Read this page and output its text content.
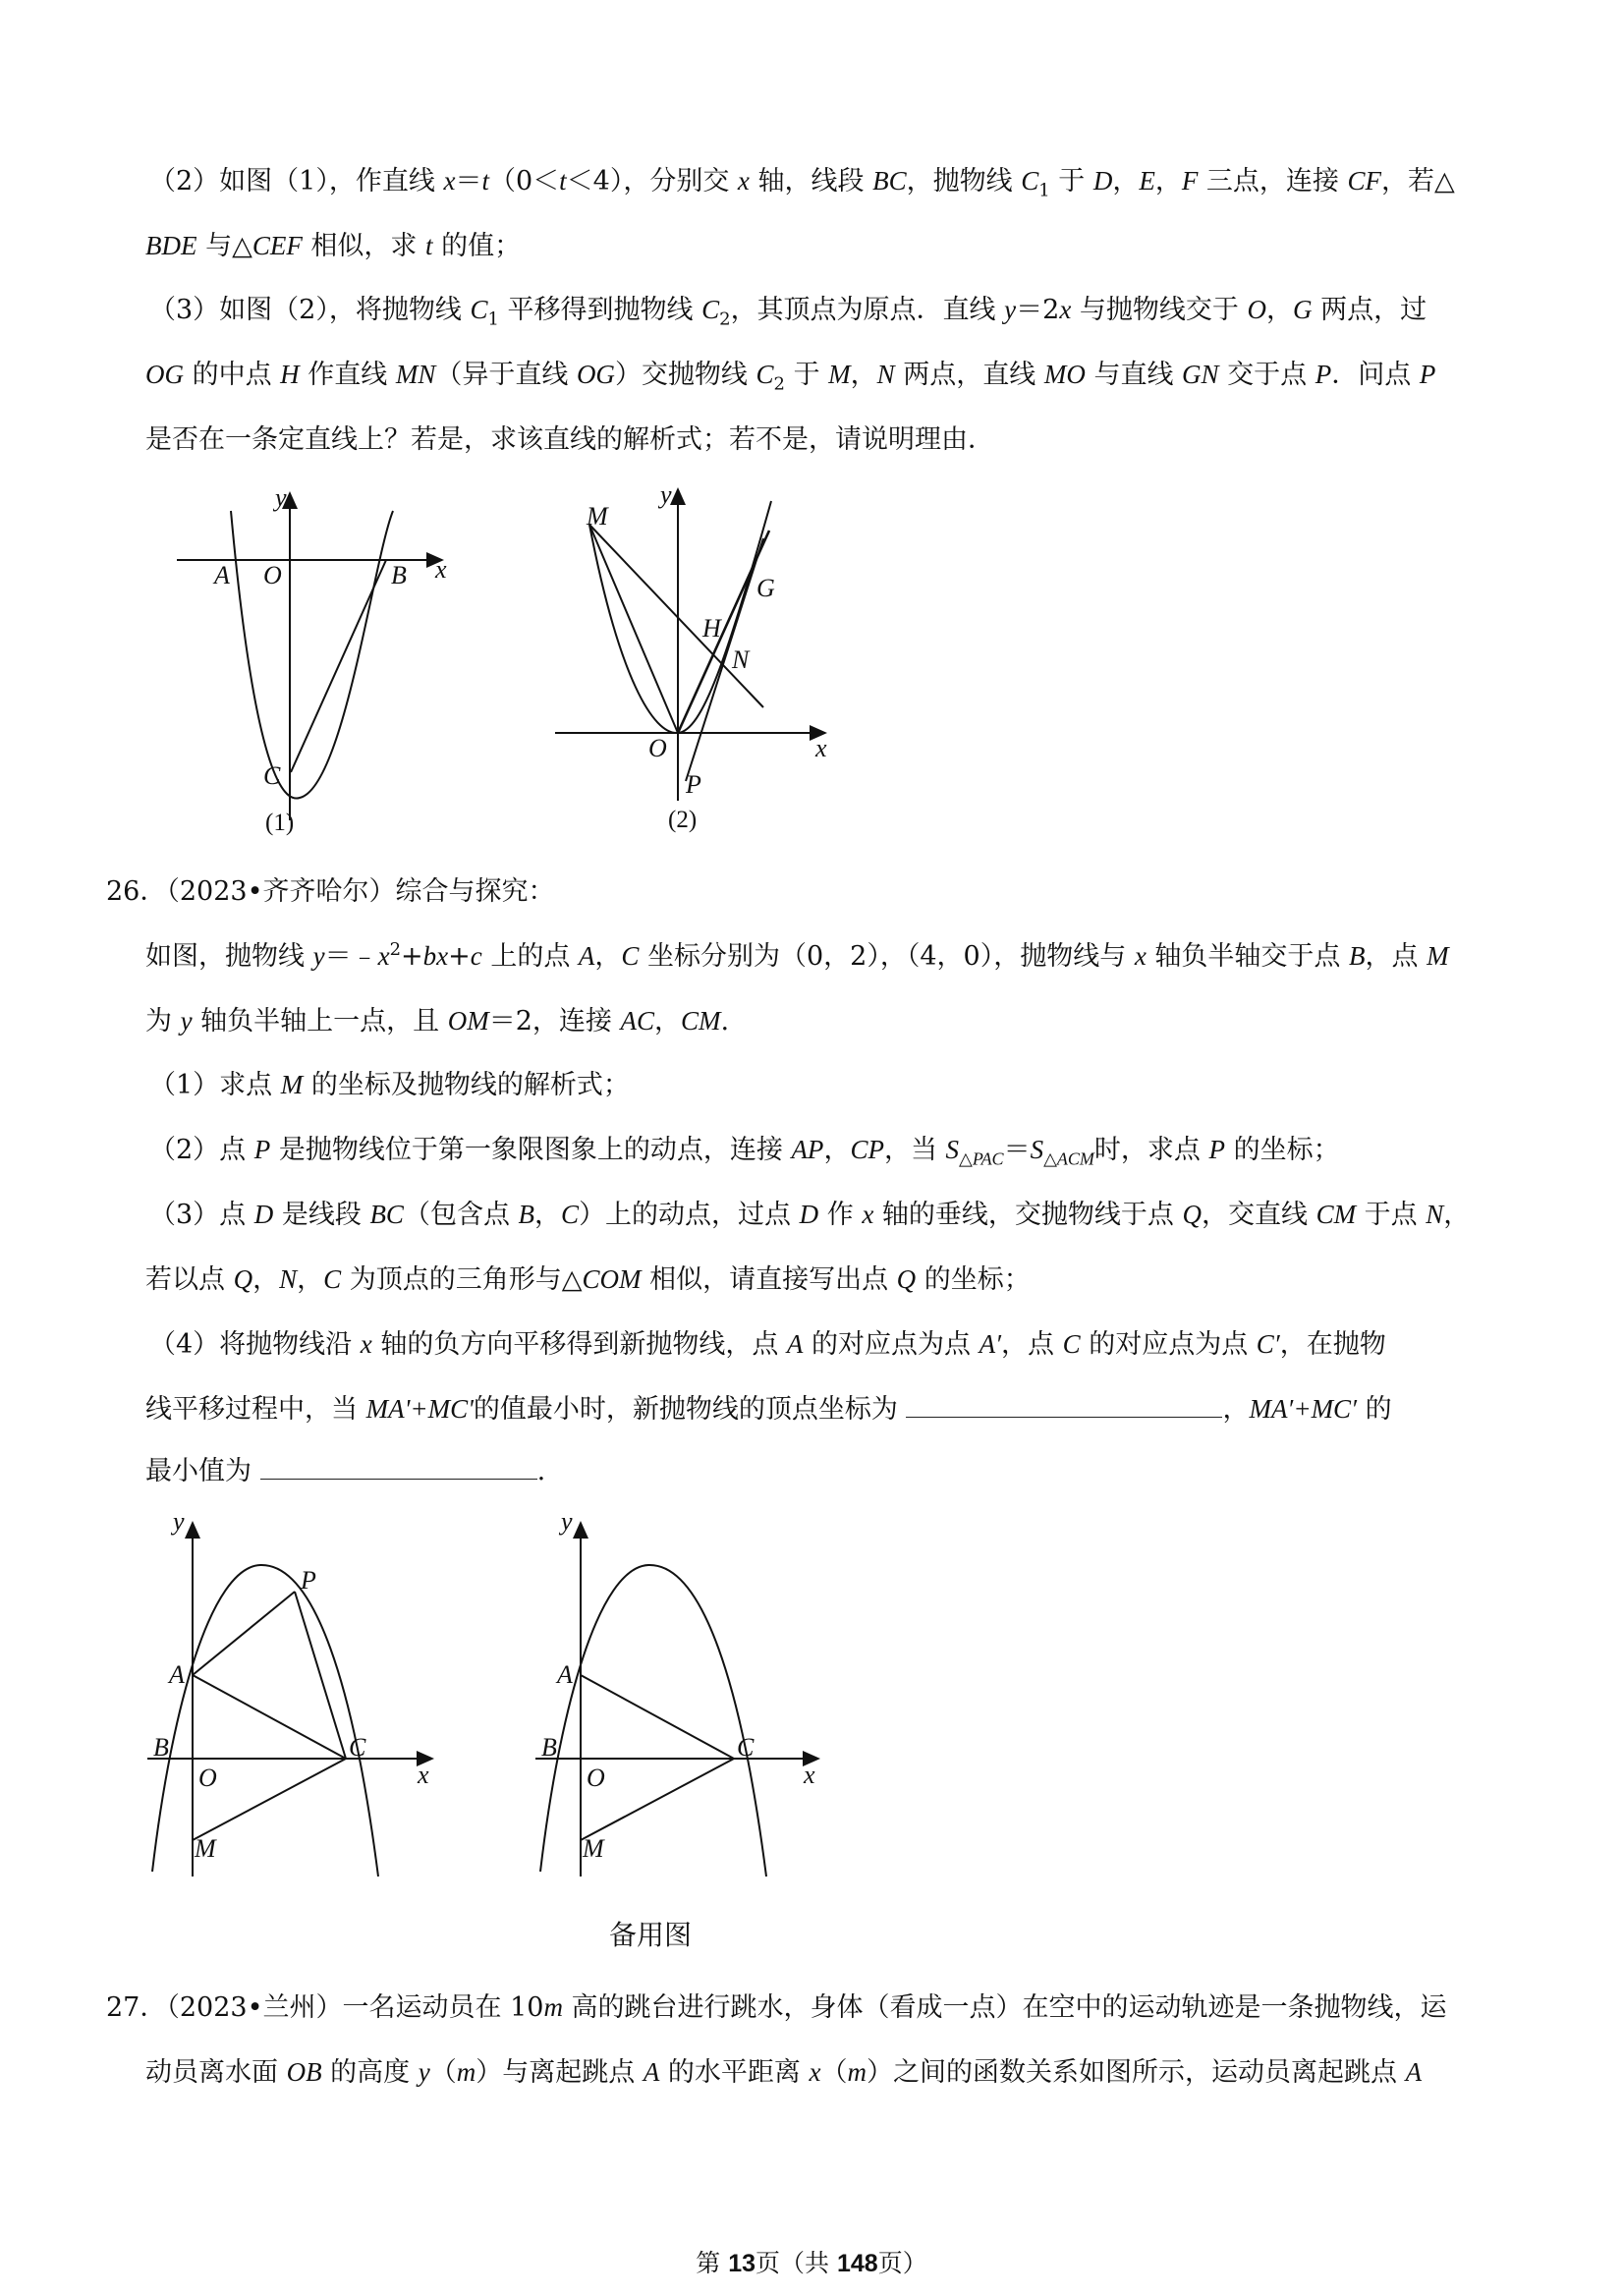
（2）如图（1），作直线 x＝t（0＜t＜4），分别交 x 轴，线段 BC，抛物线 $C_1$ 于 D，E，F 三点，连接 CF，若△
BDE 与△CEF 相似，求 t 的值；
（3）如图（2），将抛物线 $C_1$ 平移得到抛物线 $C_2$，其顶点为原点．直线 y＝2x 与抛物线交于 O，G 两点，过
OG 的中点 H 作直线 MN（异于直线 OG）交抛物线 $C_2$ 于 M，N 两点，直线 MO 与直线 GN 交于点 P．问点 P
是否在一条定直线上？若是，求该直线的解析式；若不是，请说明理由．
y
x
A O	B
C
(1)
y
x
M
G
H
N
O
P
(2)
26．（2023•齐齐哈尔）综合与探究：
如图，抛物线 $y=﹣x^2+bx+c$ 上的点 A，C 坐标分别为（0，2），（4，0），抛物线与 x 轴负半轴交于点 B，点 M
为 y 轴负半轴上一点，且 OM＝2，连接 AC，CM.
（1）求点 M 的坐标及抛物线的解析式；
（2）点 P 是抛物线位于第一象限图象上的动点，连接 AP，CP，当 $S_{\triangle PAC}=S_{\triangle ACM}$时，求点 P 的坐标；
（3）点 D 是线段 BC（包含点 B，C）上的动点，过点 D 作 x 轴的垂线，交抛物线于点 Q，交直线 CM 于点 N，
若以点 Q，N，C 为顶点的三角形与△COM 相似，请直接写出点 Q 的坐标；
（4）将抛物线沿 x 轴的负方向平移得到新抛物线，点 A 的对应点为点 A′，点 C 的对应点为点 C′，在抛物
线平移过程中，当 MA'+MC'的值最小时，新抛物线的顶点坐标为	，MA′+MC′ 的
最小值为	.
y
x
P
A
B
O
C
M
y
x
A
B
O
C
M
备用图
27．（2023•兰州）一名运动员在 10m 高的跳台进行跳水，身体（看成一点）在空中的运动轨迹是一条抛物线，运
动员离水面 OB 的高度 y（m）与离起跳点 A 的水平距离 x（m）之间的函数关系如图所示，运动员离起跳点 A
第 13页（共 148页）
